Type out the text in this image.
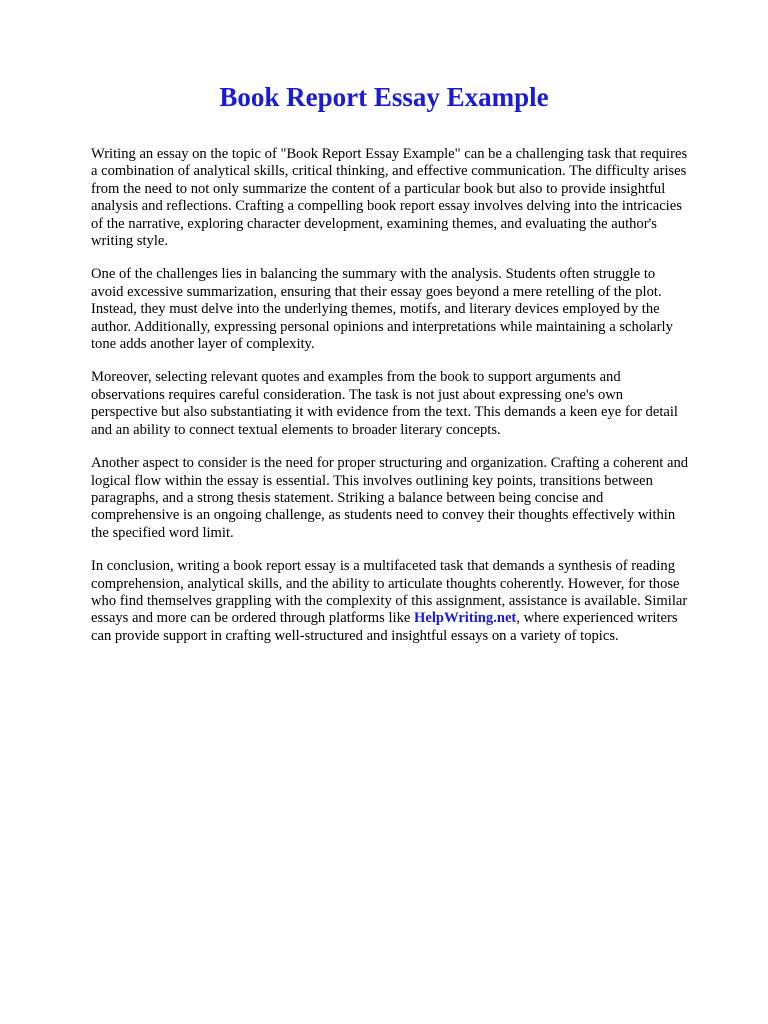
Book Report Essay Example

Writing an essay on the topic of "Book Report Essay Example" can be a challenging task that requires a combination of analytical skills, critical thinking, and effective communication. The difficulty arises from the need to not only summarize the content of a particular book but also to provide insightful analysis and reflections. Crafting a compelling book report essay involves delving into the intricacies of the narrative, exploring character development, examining themes, and evaluating the author's writing style.

One of the challenges lies in balancing the summary with the analysis. Students often struggle to avoid excessive summarization, ensuring that their essay goes beyond a mere retelling of the plot. Instead, they must delve into the underlying themes, motifs, and literary devices employed by the author. Additionally, expressing personal opinions and interpretations while maintaining a scholarly tone adds another layer of complexity.

Moreover, selecting relevant quotes and examples from the book to support arguments and observations requires careful consideration. The task is not just about expressing one's own perspective but also substantiating it with evidence from the text. This demands a keen eye for detail and an ability to connect textual elements to broader literary concepts.

Another aspect to consider is the need for proper structuring and organization. Crafting a coherent and logical flow within the essay is essential. This involves outlining key points, transitions between paragraphs, and a strong thesis statement. Striking a balance between being concise and comprehensive is an ongoing challenge, as students need to convey their thoughts effectively within the specified word limit.

In conclusion, writing a book report essay is a multifaceted task that demands a synthesis of reading comprehension, analytical skills, and the ability to articulate thoughts coherently. However, for those who find themselves grappling with the complexity of this assignment, assistance is available. Similar essays and more can be ordered through platforms like HelpWriting.net, where experienced writers can provide support in crafting well-structured and insightful essays on a variety of topics.
